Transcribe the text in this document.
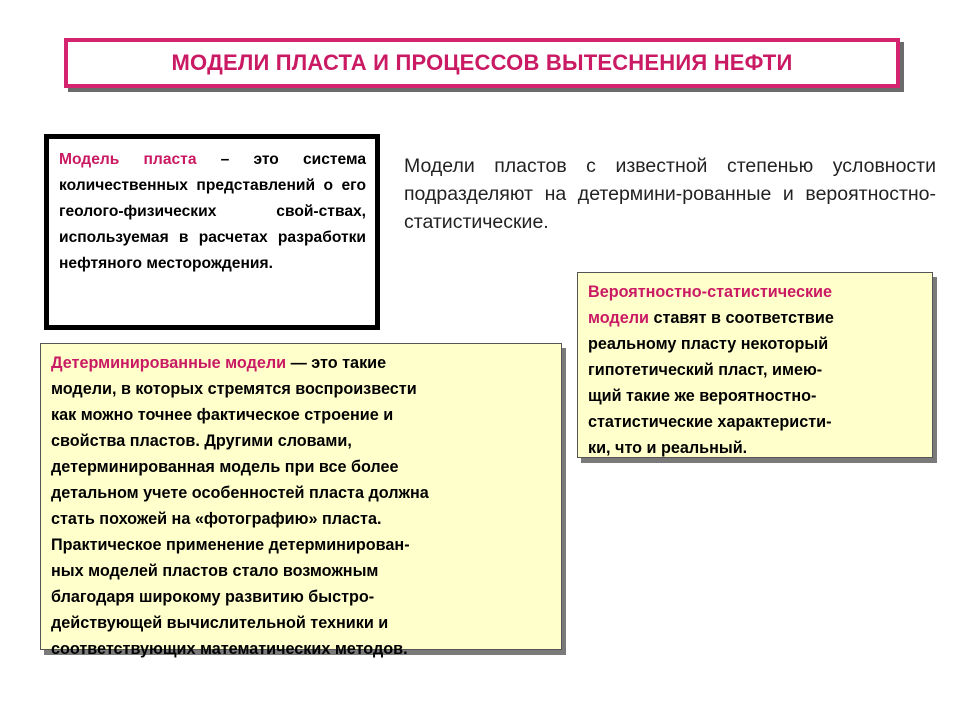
МОДЕЛИ ПЛАСТА И ПРОЦЕССОВ ВЫТЕСНЕНИЯ НЕФТИ

Модель пласта – это система количественных представлений о его геолого-физических свой-ствах, используемая в расчетах разработки нефтяного месторождения.

Модели пластов с известной степенью условности подразделяют на детермини-рованные и вероятностно-статистические.

Детерминированные модели — это такие
модели, в которых стремятся воспроизвести
как можно точнее фактическое строение и
свойства пластов. Другими словами,
детерминированная модель при все более
детальном учете особенностей пласта должна
стать похожей на «фотографию» пласта.
Практическое применение детерминирован-
ных моделей пластов стало возможным
благодаря широкому развитию быстро-
действующей вычислительной техники и
соответствующих математических методов.

Вероятностно-статистические
модели ставят в соответствие
реальному пласту некоторый
гипотетический пласт, имею-
щий такие же вероятностно-
статистические характеристи-
ки, что и реальный.
